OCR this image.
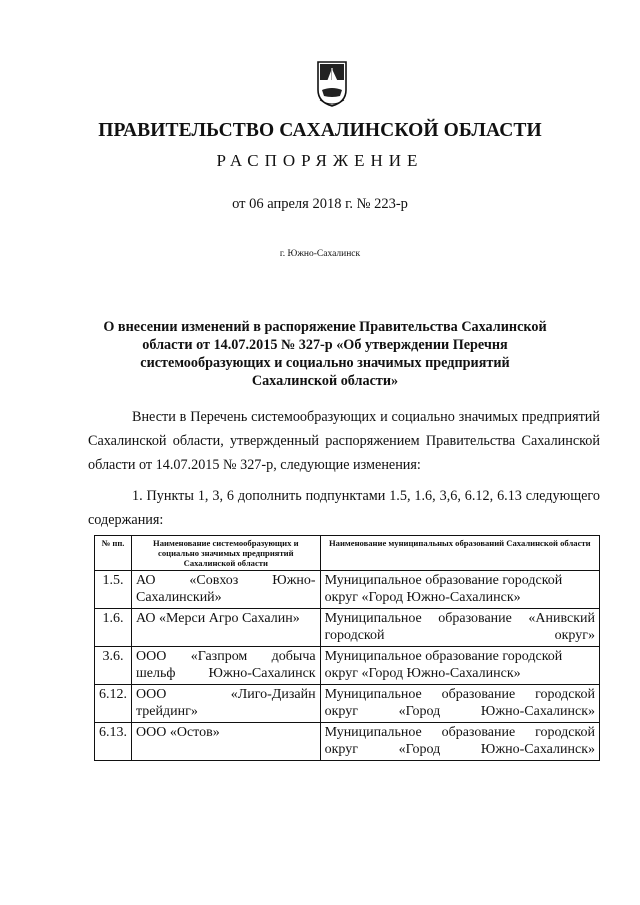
ПРАВИТЕЛЬСТВО САХАЛИНСКОЙ ОБЛАСТИ
РАСПОРЯЖЕНИЕ
от 06 апреля 2018 г. № 223-р
г. Южно-Сахалинск
О внесении изменений в распоряжение Правительства Сахалинской области от 14.07.2015 № 327-р «Об утверждении Перечня системообразующих и социально значимых предприятий Сахалинской области»
Внести в Перечень системообразующих и социально значимых предприятий Сахалинской области, утвержденный распоряжением Правительства Сахалинской области от 14.07.2015 № 327-р, следующие изменения:
1. Пункты 1, 3, 6 дополнить подпунктами 1.5, 1.6, 3,6, 6.12, 6.13 следующего содержания:
№ пп.	Наименование системообразующих и социально значимых предприятий Сахалинской области	Наименование муниципальных образований Сахалинской области
1.5.	АО «Совхоз Южно-Сахалинский»	Муниципальное образование городской округ «Город Южно-Сахалинск»
1.6.	АО «Мерси Агро Сахалин»	Муниципальное образование «Анивский городской округ»
3.6.	ООО «Газпром добыча шельф Южно-Сахалинск	Муниципальное образование городской округ «Город Южно-Сахалинск»
6.12.	ООО «Лиго-Дизайн трейдинг»	Муниципальное образование городской округ «Город Южно-Сахалинск»
6.13.	ООО «Остов»	Муниципальное образование городской округ «Город Южно-Сахалинск»
